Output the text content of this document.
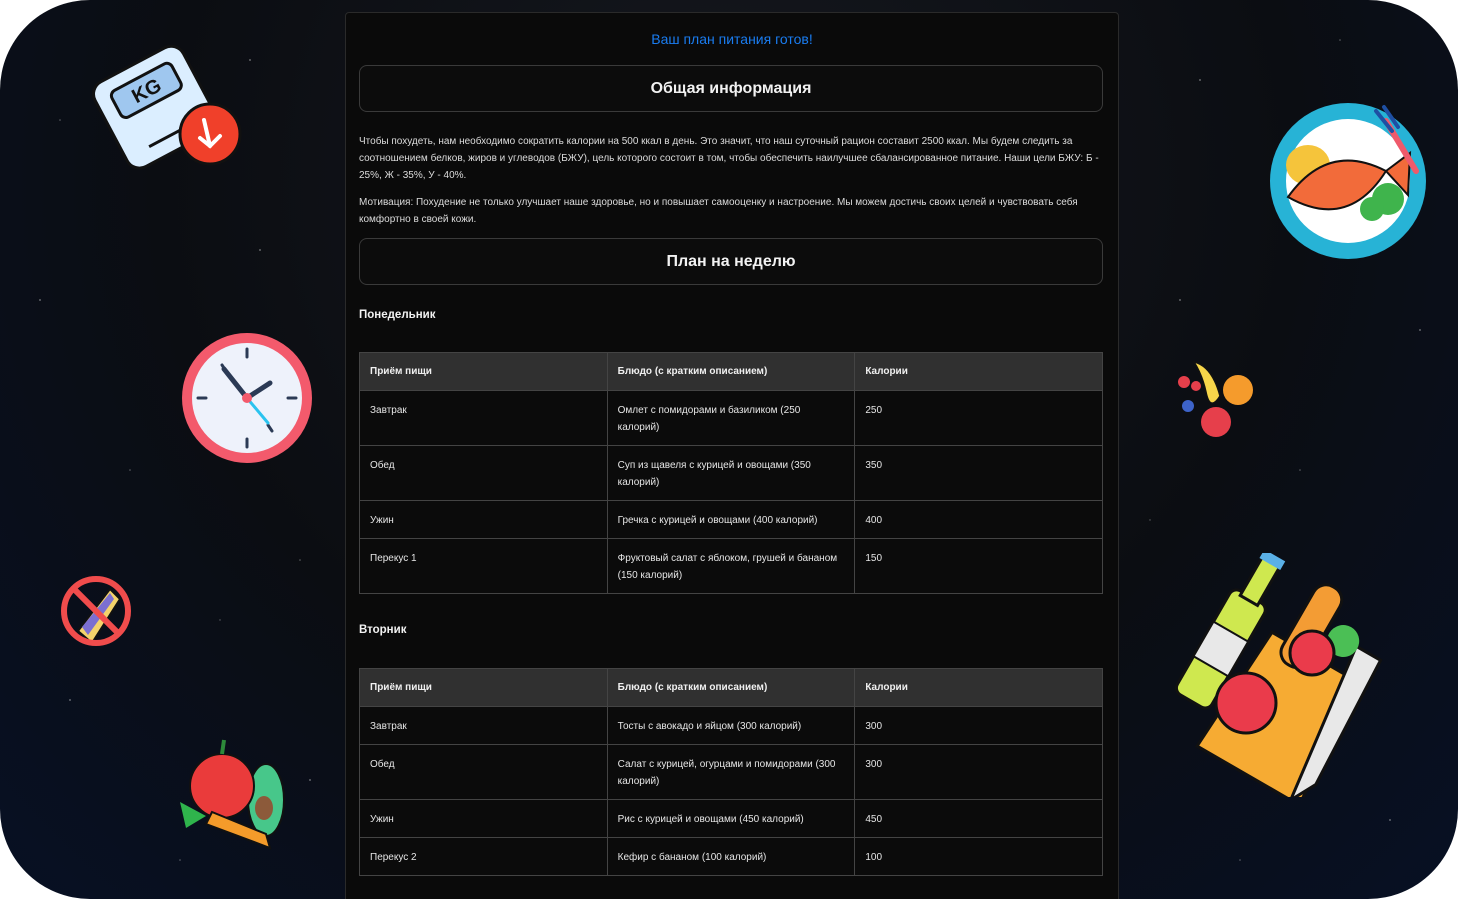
KG
Ваш план питания готов!
Общая информация
Чтобы похудеть, нам необходимо сократить калории на 500 ккал в день. Это значит, что наш суточный рацион составит 2500 ккал. Мы будем следить за соотношением белков, жиров и углеводов (БЖУ), цель которого состоит в том, чтобы обеспечить наилучшее сбалансированное питание. Наши цели БЖУ: Б - 25%, Ж - 35%, У - 40%.
Мотивация: Похудение не только улучшает наше здоровье, но и повышает самооценку и настроение. Мы можем достичь своих целей и чувствовать себя комфортно в своей кожи.
План на неделю
Понедельник
Приём пищи	Блюдо (с кратким описанием)	Калории
Завтрак	Омлет с помидорами и базиликом (250 калорий)	250
Обед	Суп из щавеля с курицей и овощами (350 калорий)	350
Ужин	Гречка с курицей и овощами (400 калорий)	400
Перекус 1	Фруктовый салат с яблоком, грушей и бананом (150 калорий)	150
Вторник
Приём пищи	Блюдо (с кратким описанием)	Калории
Завтрак	Тосты с авокадо и яйцом (300 калорий)	300
Обед	Салат с курицей, огурцами и помидорами (300 калорий)	300
Ужин	Рис с курицей и овощами (450 калорий)	450
Перекус 2	Кефир с бананом (100 калорий)	100
